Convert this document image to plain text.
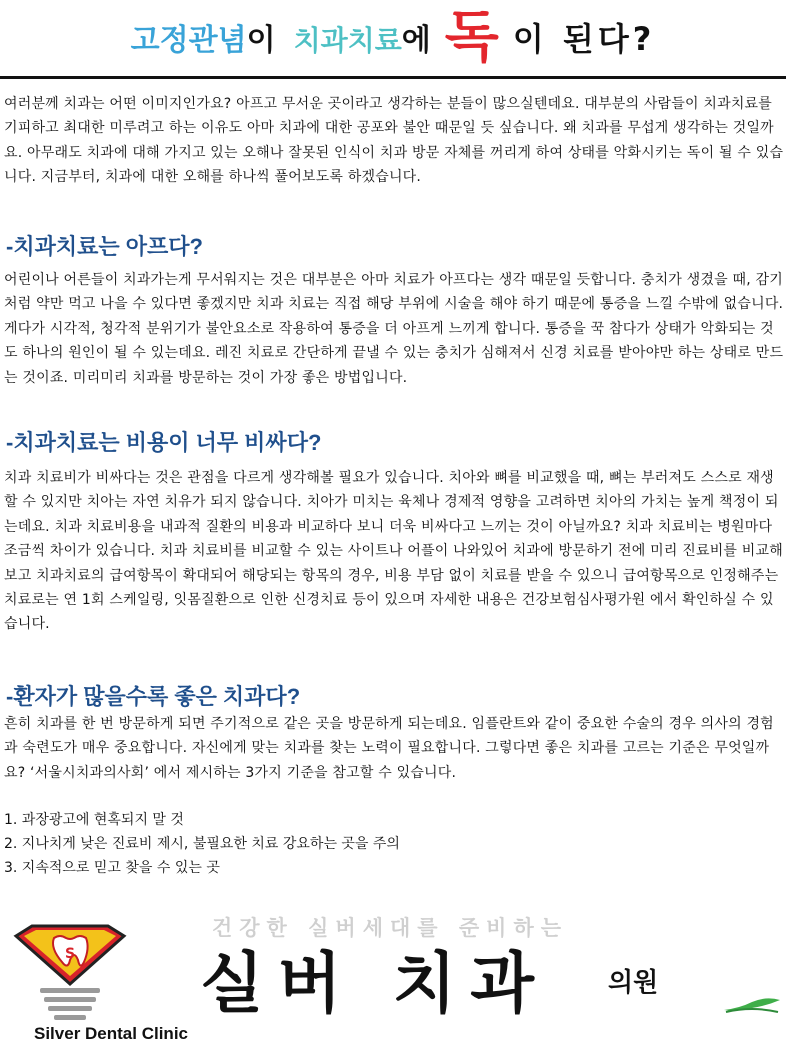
고정관념이 치과치료에 독 이 된다?

여러분께 치과는 어떤 이미지인가요? 아프고 무서운 곳이라고 생각하는 분들이 많으실텐데요. 대부분의 사람들이 치과치료를 기피하고 최대한 미루려고 하는 이유도 아마 치과에 대한 공포와 불안 때문일 듯 싶습니다. 왜 치과를 무섭게 생각하는 것일까요. 아무래도 치과에 대해 가지고 있는 오해나 잘못된 인식이 치과 방문 자체를 꺼리게 하여 상태를 악화시키는 독이 될 수 있습니다. 지금부터, 치과에 대한 오해를 하나씩 풀어보도록 하겠습니다.

-치과치료는 아프다?

어린이나 어른들이 치과가는게 무서워지는 것은 대부분은 아마 치료가 아프다는 생각 때문일 듯합니다. 충치가 생겼을 때, 감기처럼 약만 먹고 나을 수 있다면 좋겠지만 치과 치료는 직접 해당 부위에 시술을 해야 하기 때문에 통증을 느낄 수밖에 없습니다. 게다가 시각적, 청각적 분위기가 불안요소로 작용하여 통증을 더 아프게 느끼게 합니다. 통증을 꾹 참다가 상태가 악화되는 것도 하나의 원인이 될 수 있는데요. 레진 치료로 간단하게 끝낼 수 있는 충치가 심해져서 신경 치료를 받아야만 하는 상태로 만드는 것이죠. 미리미리 치과를 방문하는 것이 가장 좋은 방법입니다.

-치과치료는 비용이 너무 비싸다?

치과 치료비가 비싸다는 것은 관점을 다르게 생각해볼 필요가 있습니다. 치아와 뼈를 비교했을 때, 뼈는 부러져도 스스로 재생할 수 있지만 치아는 자연 치유가 되지 않습니다. 치아가 미치는 육체나 경제적 영향을 고려하면 치아의 가치는 높게 책정이 되는데요. 치과 치료비용을 내과적 질환의 비용과 비교하다 보니 더욱 비싸다고 느끼는 것이 아닐까요? 치과 치료비는 병원마다 조금씩 차이가 있습니다. 치과 치료비를 비교할 수 있는 사이트나 어플이 나와있어 치과에 방문하기 전에 미리 진료비를 비교해보고 치과치료의 급여항목이 확대되어 해당되는 항목의 경우, 비용 부담 없이 치료를 받을 수 있으니 급여항목으로 인정해주는 치료로는 연 1회 스케일링, 잇몸질환으로 인한 신경치료 등이 있으며 자세한 내용은 건강보험심사평가원 에서 확인하실 수 있습니다.

-환자가 많을수록 좋은 치과다?

흔히 치과를 한 번 방문하게 되면 주기적으로 같은 곳을 방문하게 되는데요. 임플란트와 같이 중요한 수술의 경우 의사의 경험과 숙련도가 매우 중요합니다. 자신에게 맞는 치과를 찾는 노력이 필요합니다. 그렇다면 좋은 치과를 고르는 기준은 무엇일까요? ‘서울시치과의사회’ 에서 제시하는 3가지 기준을 참고할 수 있습니다.

1. 과장광고에 현혹되지 말 것
2. 지나치게 낮은 진료비 제시, 불필요한 치료 강요하는 곳을 주의
3. 지속적으로 믿고 찾을 수 있는 곳
건강한 실버세대를 준비하는
S 실버 치과 의원
Silver Dental Clinic
